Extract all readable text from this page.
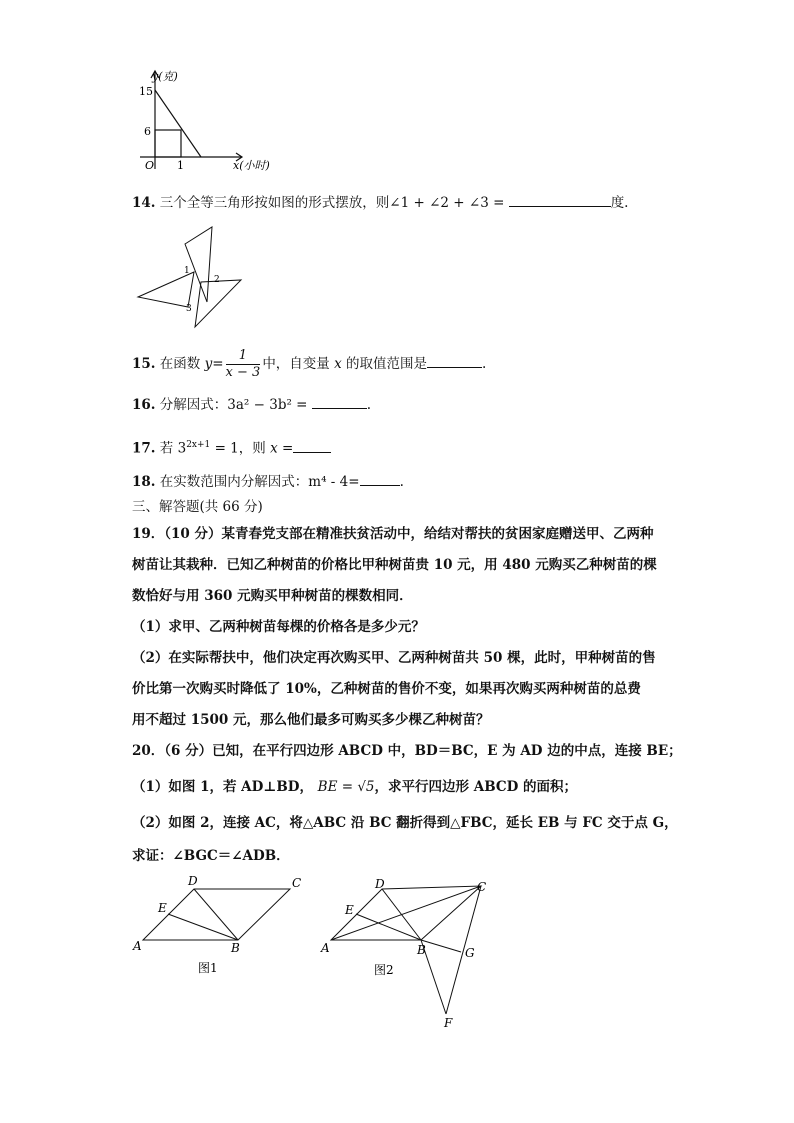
y(克)
x(小时)
15
6
1
O
14. 三个全等三角形按如图的形式摆放，则∠1 + ∠2 + ∠3 =	度.
1
2
3
15. 在函数 $y= \frac{1}{x - 3}$ 中，自变量 x 的取值范围是	.
16. 分解因式：3a² − 3b² =	.
17. 若 $3^{2x+1} = 1$，则 x =
18. 在实数范围内分解因式：m⁴ - 4=	.
三、解答题(共 66 分)
19．（10 分）某青春党支部在精准扶贫活动中，给结对帮扶的贫困家庭赠送甲、乙两种
树苗让其栽种．已知乙种树苗的价格比甲种树苗贵 10 元，用 480 元购买乙种树苗的棵
数恰好与用 360 元购买甲种树苗的棵数相同．
（1）求甲、乙两种树苗每棵的价格各是多少元？
（2）在实际帮扶中，他们决定再次购买甲、乙两种树苗共 50 棵，此时，甲种树苗的售
价比第一次购买时降低了 10%，乙种树苗的售价不变，如果再次购买两种树苗的总费
用不超过 1500 元，那么他们最多可购买多少棵乙种树苗？
20．（6 分）已知，在平行四边形 ABCD 中，BD＝BC，E 为 AD 边的中点，连接 BE；
（1）如图 1，若 AD⊥BD， BE = √5，求平行四边形 ABCD 的面积；
（2）如图 2，连接 AC，将△ABC 沿 BC 翻折得到△FBC，延长 EB 与 FC 交于点 G，
求证：∠BGC＝∠ADB．
A	B
C
D
E
图1
A	B
C
D
E
F
G
图2
